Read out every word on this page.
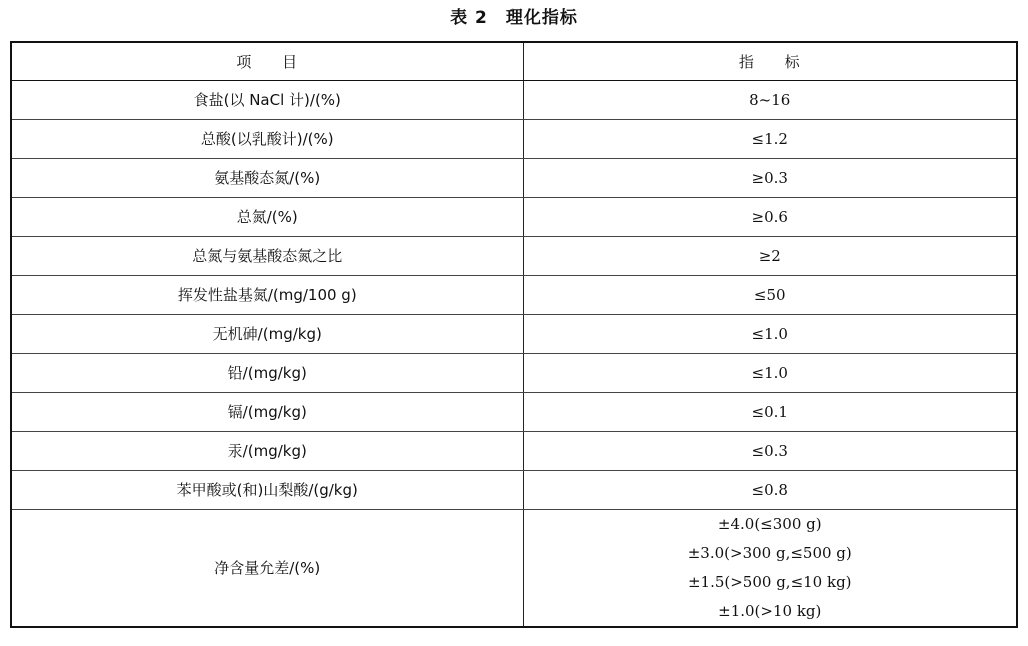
表 2 理化指标
项 目	指 标
食盐(以 NaCl 计)/(%)	8~16
总酸(以乳酸计)/(%)	≤1.2
氨基酸态氮/(%)	≥0.3
总氮/(%)	≥0.6
总氮与氨基酸态氮之比	≥2
挥发性盐基氮/(mg/100 g)	≤50
无机砷/(mg/kg)	≤1.0
铅/(mg/kg)	≤1.0
镉/(mg/kg)	≤0.1
汞/(mg/kg)	≤0.3
苯甲酸或(和)山梨酸/(g/kg)	≤0.8
净含量允差/(%)	±4.0(≤300 g)
±3.0(>300 g,≤500 g)
±1.5(>500 g,≤10 kg)
±1.0(>10 kg)
